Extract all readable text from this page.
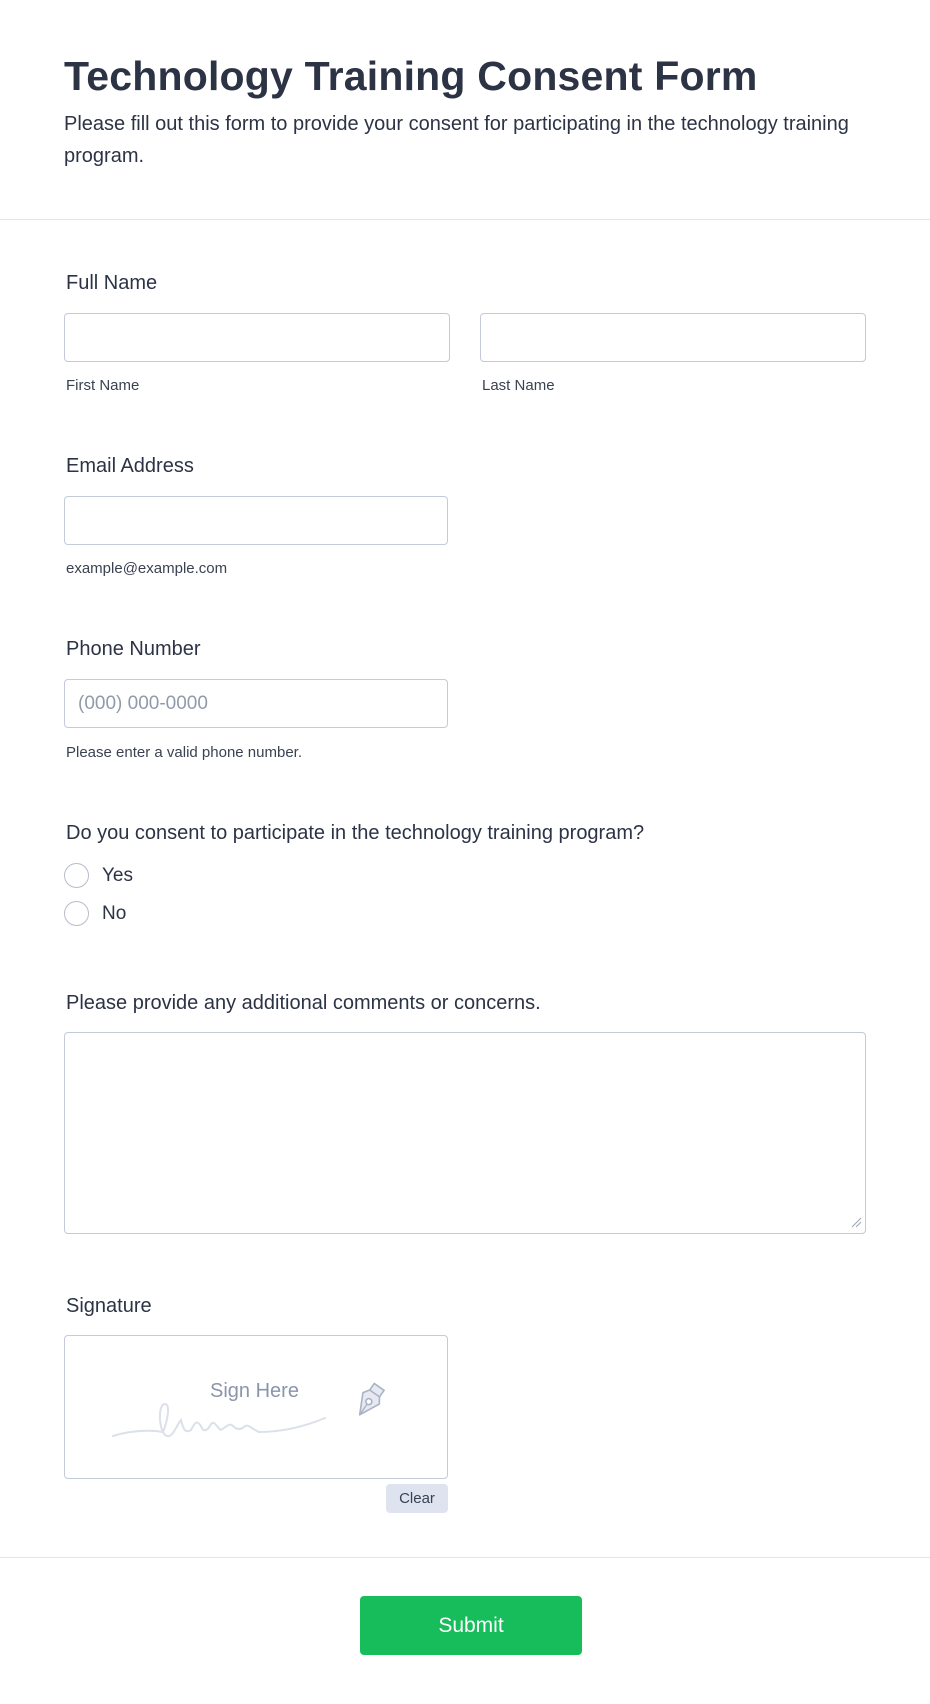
Technology Training Consent Form

Please fill out this form to provide your consent for participating in the technology training program.

Full Name
First Name	Last Name
Email Address
example@example.com
Phone Number
(000) 000-0000
Please enter a valid phone number.
Do you consent to participate in the technology training program?
Yes
No
Please provide any additional comments or concerns.
Signature
Sign Here
Clear
Submit
